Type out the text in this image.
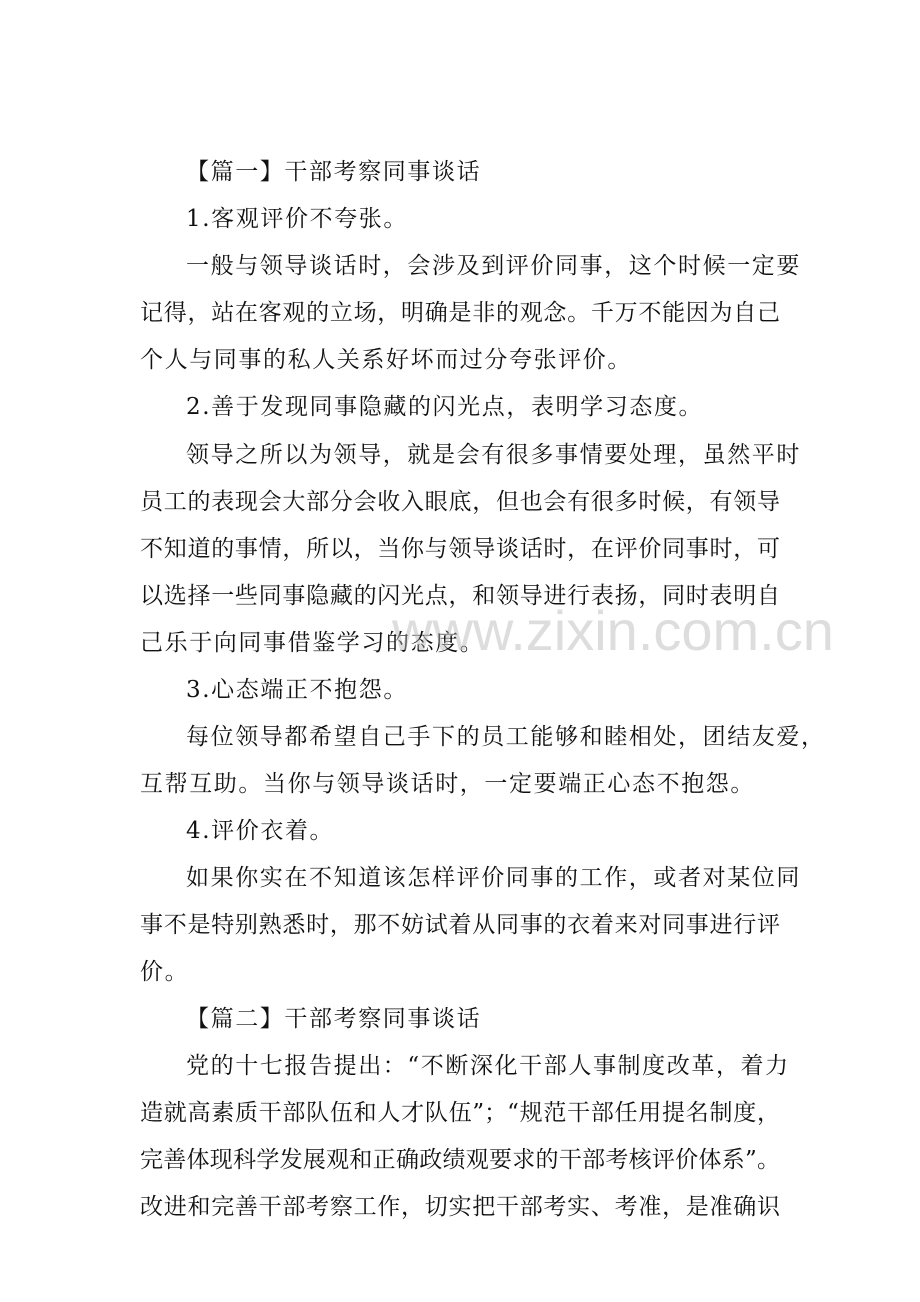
【篇一】干部考察同事谈话
1.客观评价不夸张。
一般与领导谈话时，会涉及到评价同事，这个时候一定要
记得，站在客观的立场，明确是非的观念。千万不能因为自己
个人与同事的私人关系好坏而过分夸张评价。
2.善于发现同事隐藏的闪光点，表明学习态度。
领导之所以为领导，就是会有很多事情要处理，虽然平时
员工的表现会大部分会收入眼底，但也会有很多时候，有领导
不知道的事情，所以，当你与领导谈话时，在评价同事时，可
以选择一些同事隐藏的闪光点，和领导进行表扬，同时表明自
己乐于向同事借鉴学习的态度。
3.心态端正不抱怨。
每位领导都希望自己手下的员工能够和睦相处，团结友爱，
互帮互助。当你与领导谈话时，一定要端正心态不抱怨。
4.评价衣着。
如果你实在不知道该怎样评价同事的工作，或者对某位同
事不是特别熟悉时，那不妨试着从同事的衣着来对同事进行评
价。
【篇二】干部考察同事谈话
党的十七报告提出：“不断深化干部人事制度改革，着力
造就高素质干部队伍和人才队伍”；“规范干部任用提名制度，
完善体现科学发展观和正确政绩观要求的干部考核评价体系”。
改进和完善干部考察工作，切实把干部考实、考准，是准确识
www.zixin.com.cn
